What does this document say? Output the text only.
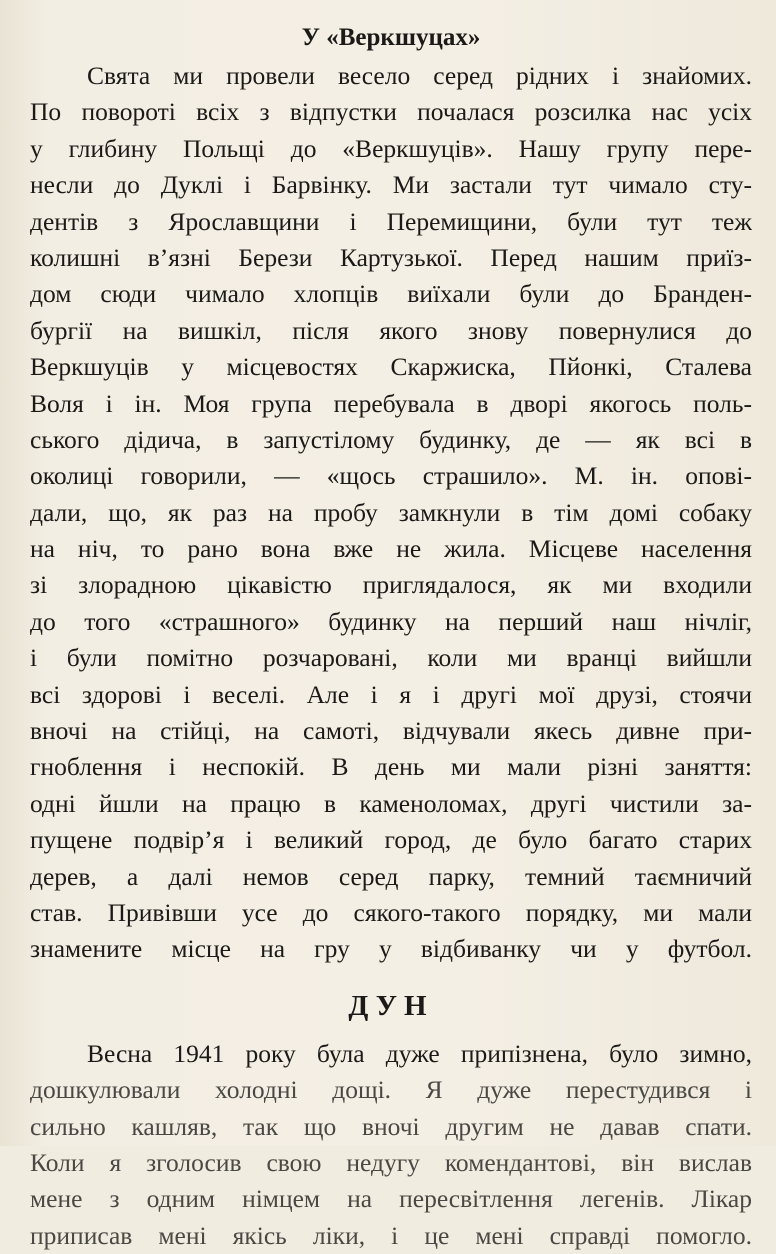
У «Веркшуцах»
Свята ми провели весело серед рідних і знайомих.
По повороті всіх з відпустки почалася розсилка нас усіх
у глибину Польщі до «Веркшуців». Нашу групу пере-
несли до Дуклі і Барвінку. Ми застали тут чимало сту-
дентів з Ярославщини і Перемищини, були тут теж
колишні в’язні Берези Картузької. Перед нашим приїз-
дом сюди чимало хлопців виїхали були до Бранден-
бургії на вишкіл, після якого знову повернулися до
Веркшуців у місцевостях Скаржиска, Пйонкі, Сталева
Воля і ін. Моя група перебувала в дворі якогось поль-
ського дідича, в запустілому будинку, де — як всі в
околиці говорили, — «щось страшило». М. ін. опові-
дали, що, як раз на пробу замкнули в тім домі собаку
на ніч, то рано вона вже не жила. Місцеве населення
зі злорадною цікавістю приглядалося, як ми входили
до того «страшного» будинку на перший наш нічліг,
і були помітно розчаровані, коли ми вранці вийшли
всі здорові і веселі. Але і я і другі мої друзі, стоячи
вночі на стійці, на самоті, відчували якесь дивне при-
гноблення і неспокій. В день ми мали різні заняття:
одні йшли на працю в каменоломах, другі чистили за-
пущене подвір’я і великий город, де було багато старих
дерев, а далі немов серед парку, темний таємничий
став. Привівши усе до сякого-такого порядку, ми мали
знамените місце на гру у відбиванку чи у футбол.
ДУН
Весна 1941 року була дуже припізнена, було зимно,
дошкулювали холодні дощі. Я дуже перестудився і
сильно кашляв, так що вночі другим не давав спати.
Коли я зголосив свою недугу комендантові, він вислав
мене з одним німцем на пересвітлення легенів. Лікар
приписав мені якісь ліки, і це мені справді помогло.
